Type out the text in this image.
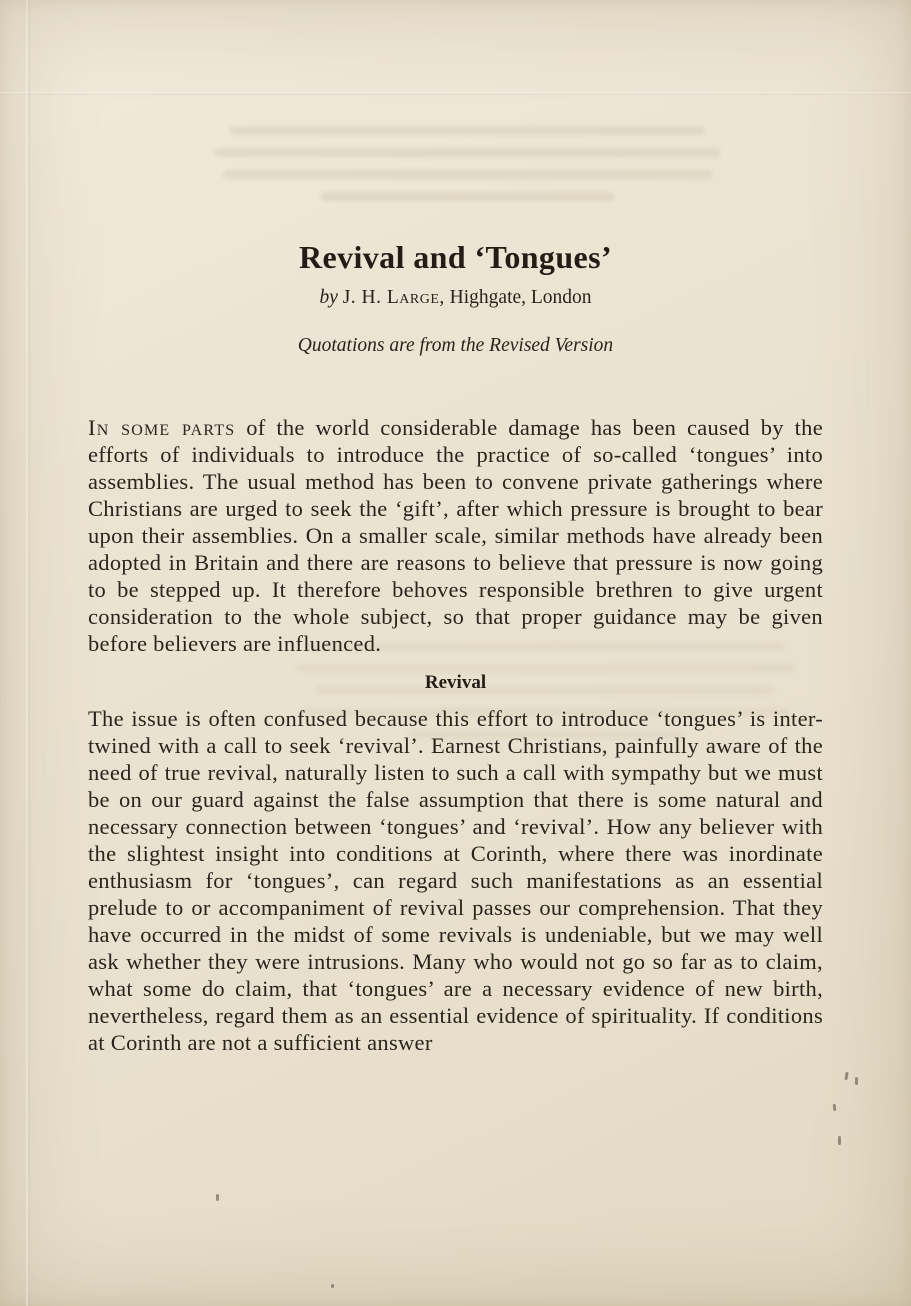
Revival and ‘Tongues’

by J. H. Large, Highgate, London

Quotations are from the Revised Version

In some parts of the world considerable damage has been caused by the efforts of individuals to introduce the practice of so-called ‘tongues’ into assemblies. The usual method has been to convene private gatherings where Christians are urged to seek the ‘gift’, after which pressure is brought to bear upon their assemblies. On a smaller scale, similar methods have already been adopted in Britain and there are reasons to believe that pressure is now going to be stepped up. It therefore behoves responsible brethren to give urgent consideration to the whole subject, so that proper guidance may be given before believers are influenced.

Revival

The issue is often confused because this effort to introduce ‘tongues’ is inter-twined with a call to seek ‘revival’. Earnest Christians, painfully aware of the need of true revival, naturally listen to such a call with sympathy but we must be on our guard against the false assumption that there is some natural and necessary connection between ‘tongues’ and ‘revival’. How any believer with the slightest insight into conditions at Corinth, where there was inordinate enthusiasm for ‘tongues’, can regard such manifestations as an essential prelude to or accompaniment of revival passes our comprehension. That they have occurred in the midst of some revivals is undeniable, but we may well ask whether they were intrusions. Many who would not go so far as to claim, what some do claim, that ‘tongues’ are a necessary evidence of new birth, nevertheless, regard them as an essential evidence of spirituality. If conditions at Corinth are not a sufficient answer
